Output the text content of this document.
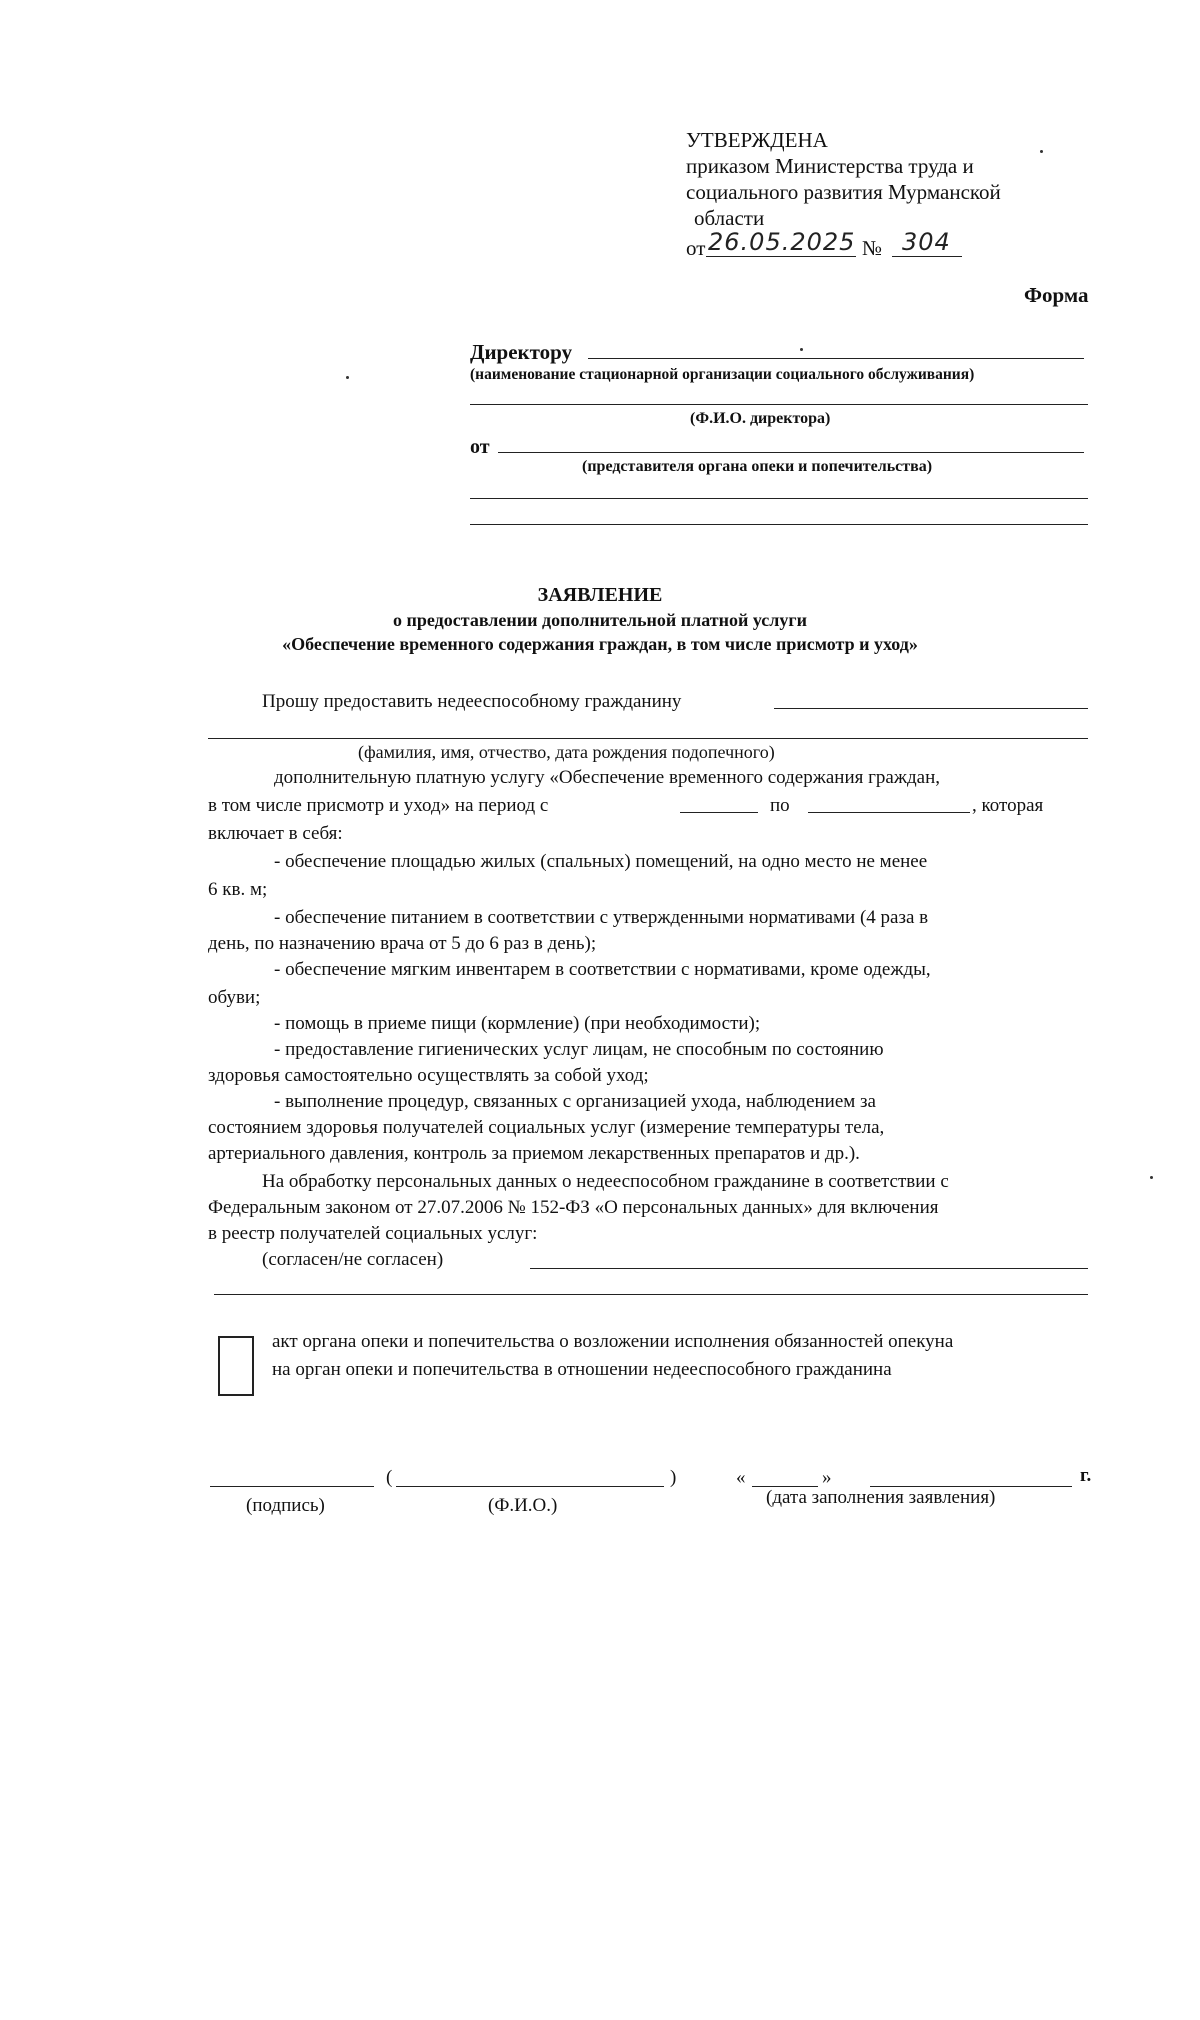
УТВЕРЖДЕНА
приказом Министерства труда и
социального развития Мурманской
области
от 26.05.2025 № 304
Форма
Директору
(наименование стационарной организации социального обслуживания)
(Ф.И.О. директора)
от
(представителя органа опеки и попечительства)
ЗАЯВЛЕНИЕ
о предоставлении дополнительной платной услуги
«Обеспечение временного содержания граждан, в том числе присмотр и уход»
Прошу предоставить недееспособному гражданину
(фамилия, имя, отчество, дата рождения подопечного)
дополнительную платную услугу «Обеспечение временного содержания граждан,
в том числе присмотр и уход» на период с	по	, которая
включает в себя:
- обеспечение площадью жилых (спальных) помещений, на одно место не менее
6 кв. м;
- обеспечение питанием в соответствии с утвержденными нормативами (4 раза в
день, по назначению врача от 5 до 6 раз в день);
- обеспечение мягким инвентарем в соответствии с нормативами, кроме одежды,
обуви;
- помощь в приеме пищи (кормление) (при необходимости);
- предоставление гигиенических услуг лицам, не способным по состоянию
здоровья самостоятельно осуществлять за собой уход;
- выполнение процедур, связанных с организацией ухода, наблюдением за
состоянием здоровья получателей социальных услуг (измерение температуры тела,
артериального давления, контроль за приемом лекарственных препаратов и др.).
На обработку персональных данных о недееспособном гражданине в соответствии с
Федеральным законом от 27.07.2006 № 152-ФЗ «О персональных данных» для включения
в реестр получателей социальных услуг:
(согласен/не согласен)
акт органа опеки и попечительства о возложении исполнения обязанностей опекуна
на орган опеки и попечительства в отношении недееспособного гражданина
(	)	«	»	г.
(подпись)	(Ф.И.О.)	(дата заполнения заявления)
